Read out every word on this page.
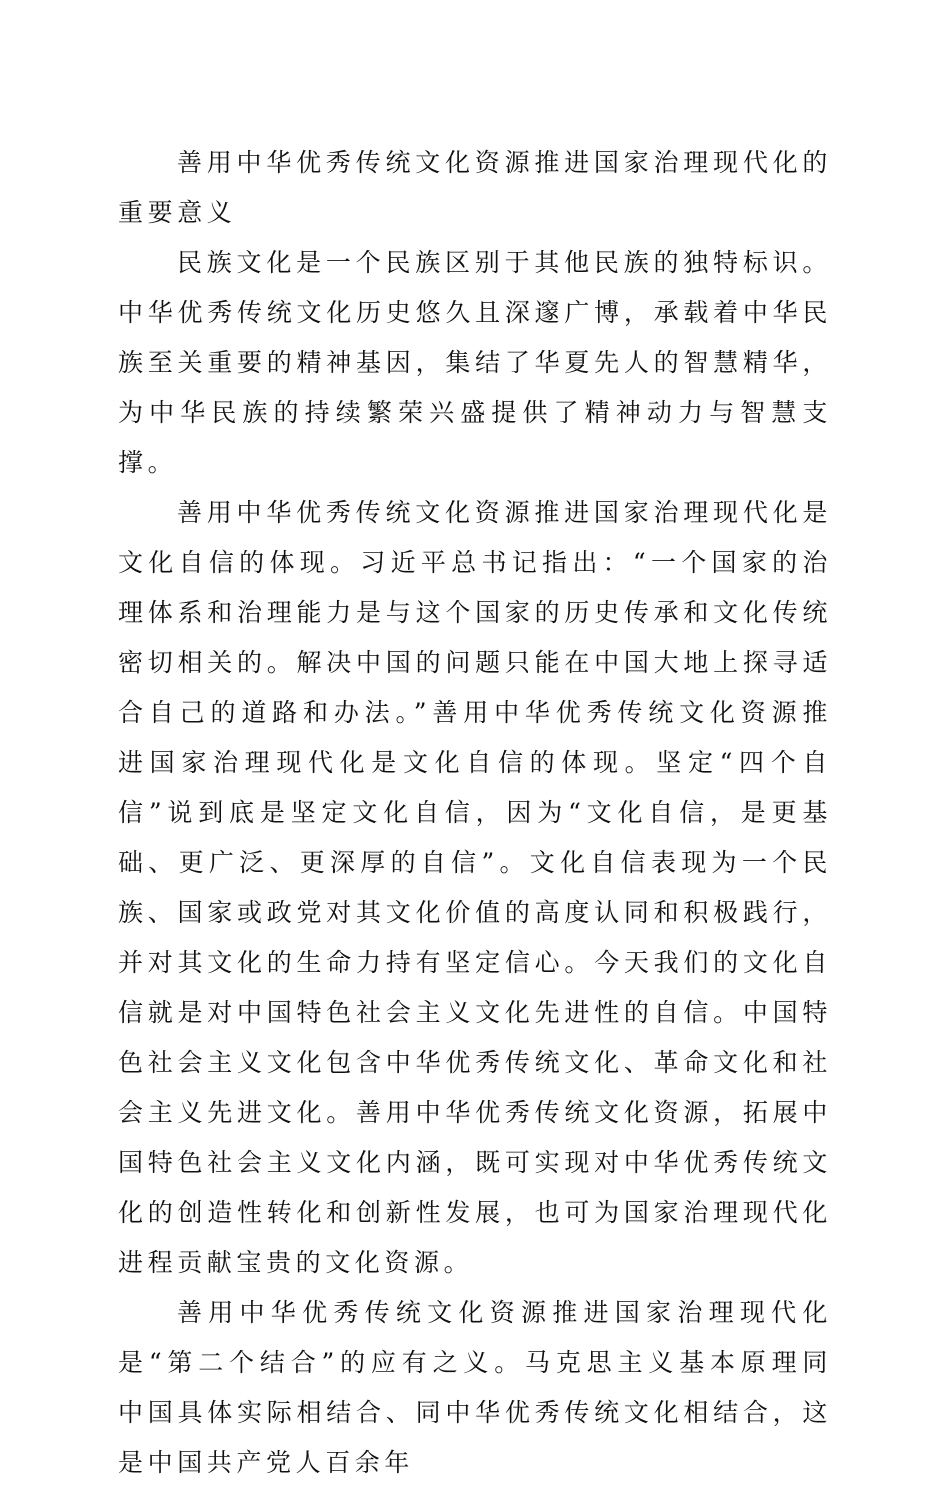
善用中华优秀传统文化资源推进国家治理现代化的重要意义

民族文化是一个民族区别于其他民族的独特标识。中华优秀传统文化历史悠久且深邃广博，承载着中华民族至关重要的精神基因，集结了华夏先人的智慧精华，为中华民族的持续繁荣兴盛提供了精神动力与智慧支撑。

善用中华优秀传统文化资源推进国家治理现代化是文化自信的体现。习近平总书记指出：“一个国家的治理体系和治理能力是与这个国家的历史传承和文化传统密切相关的。解决中国的问题只能在中国大地上探寻适合自己的道路和办法。”善用中华优秀传统文化资源推进国家治理现代化是文化自信的体现。坚定“四个自信”说到底是坚定文化自信，因为“文化自信，是更基础、更广泛、更深厚的自信”。文化自信表现为一个民族、国家或政党对其文化价值的高度认同和积极践行，并对其文化的生命力持有坚定信心。今天我们的文化自信就是对中国特色社会主义文化先进性的自信。中国特色社会主义文化包含中华优秀传统文化、革命文化和社会主义先进文化。善用中华优秀传统文化资源，拓展中国特色社会主义文化内涵，既可实现对中华优秀传统文化的创造性转化和创新性发展，也可为国家治理现代化进程贡献宝贵的文化资源。

善用中华优秀传统文化资源推进国家治理现代化是“第二个结合”的应有之义。马克思主义基本原理同中国具体实际相结合、同中华优秀传统文化相结合，这是中国共产党人百余年
